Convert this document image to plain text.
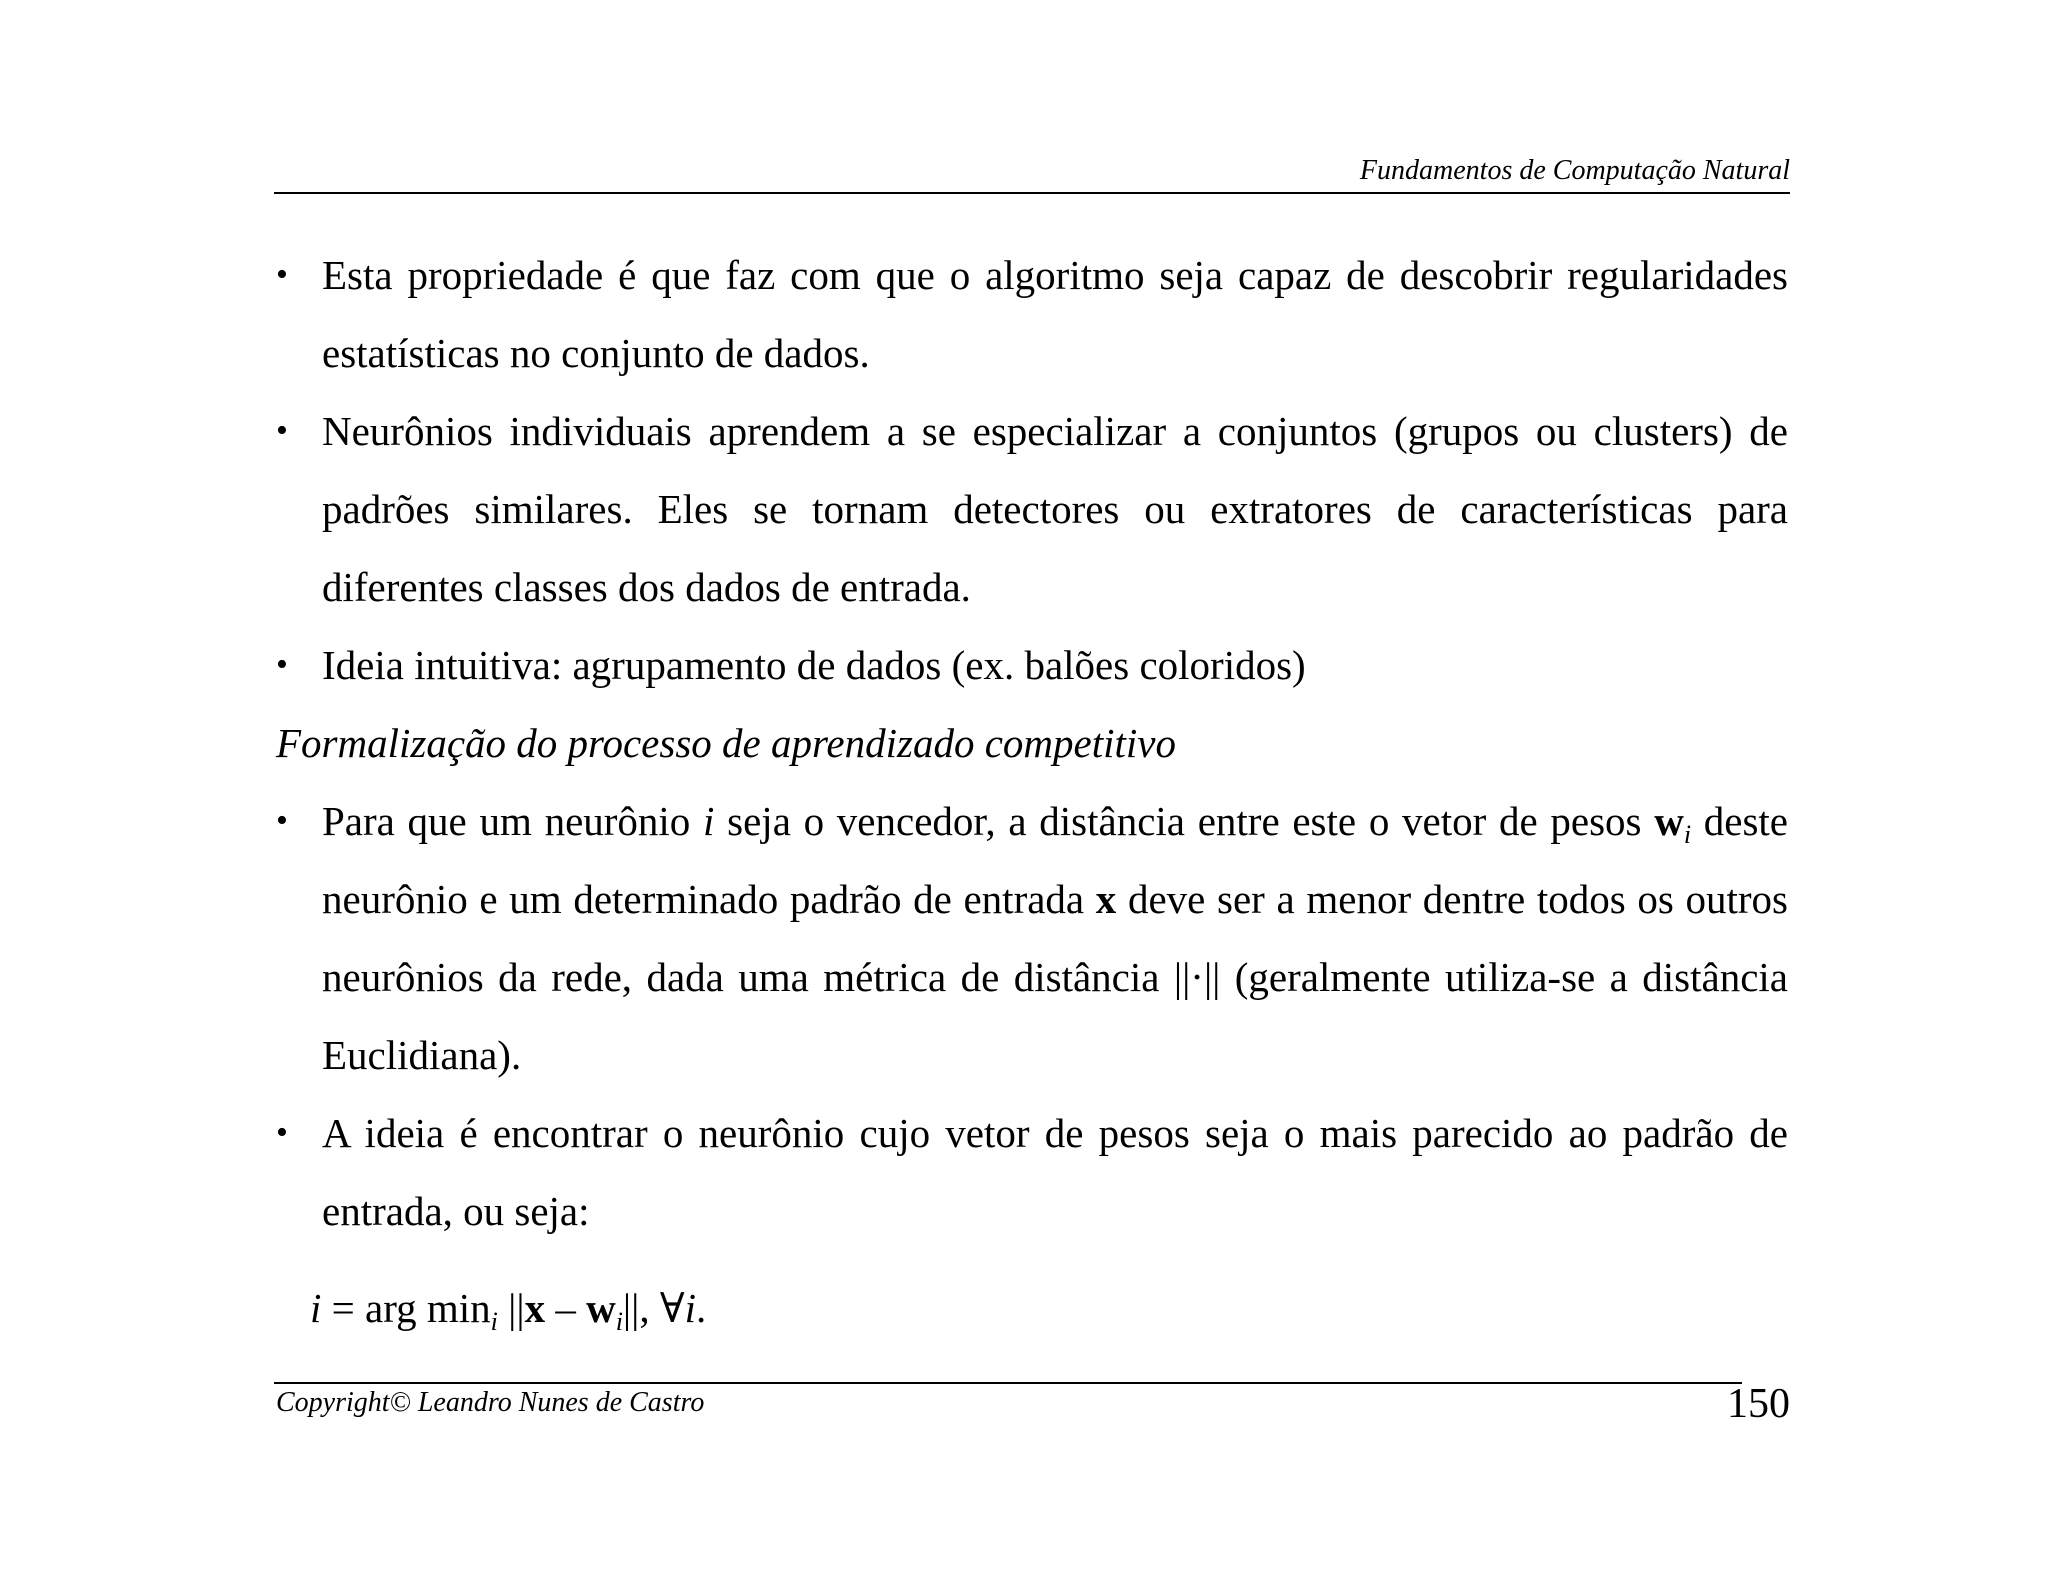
Fundamentos de Computação Natural
• Esta propriedade é que faz com que o algoritmo seja capaz de descobrir regularidades estatísticas no conjunto de dados.
• Neurônios individuais aprendem a se especializar a conjuntos (grupos ou clusters) de padrões similares. Eles se tornam detectores ou extratores de características para diferentes classes dos dados de entrada.
• Ideia intuitiva: agrupamento de dados (ex. balões coloridos)
Formalização do processo de aprendizado competitivo
• Para que um neurônio i seja o vencedor, a distância entre este o vetor de pesos $w_i$ deste neurônio e um determinado padrão de entrada x deve ser a menor dentre todos os outros neurônios da rede, dada uma métrica de distância ||·|| (geralmente utiliza-se a distância Euclidiana).
• A ideia é encontrar o neurônio cujo vetor de pesos seja o mais parecido ao padrão de entrada, ou seja:
i = arg $\min_i ||x - w_i||$, ∀i.
Copyright© Leandro Nunes de Castro	150
